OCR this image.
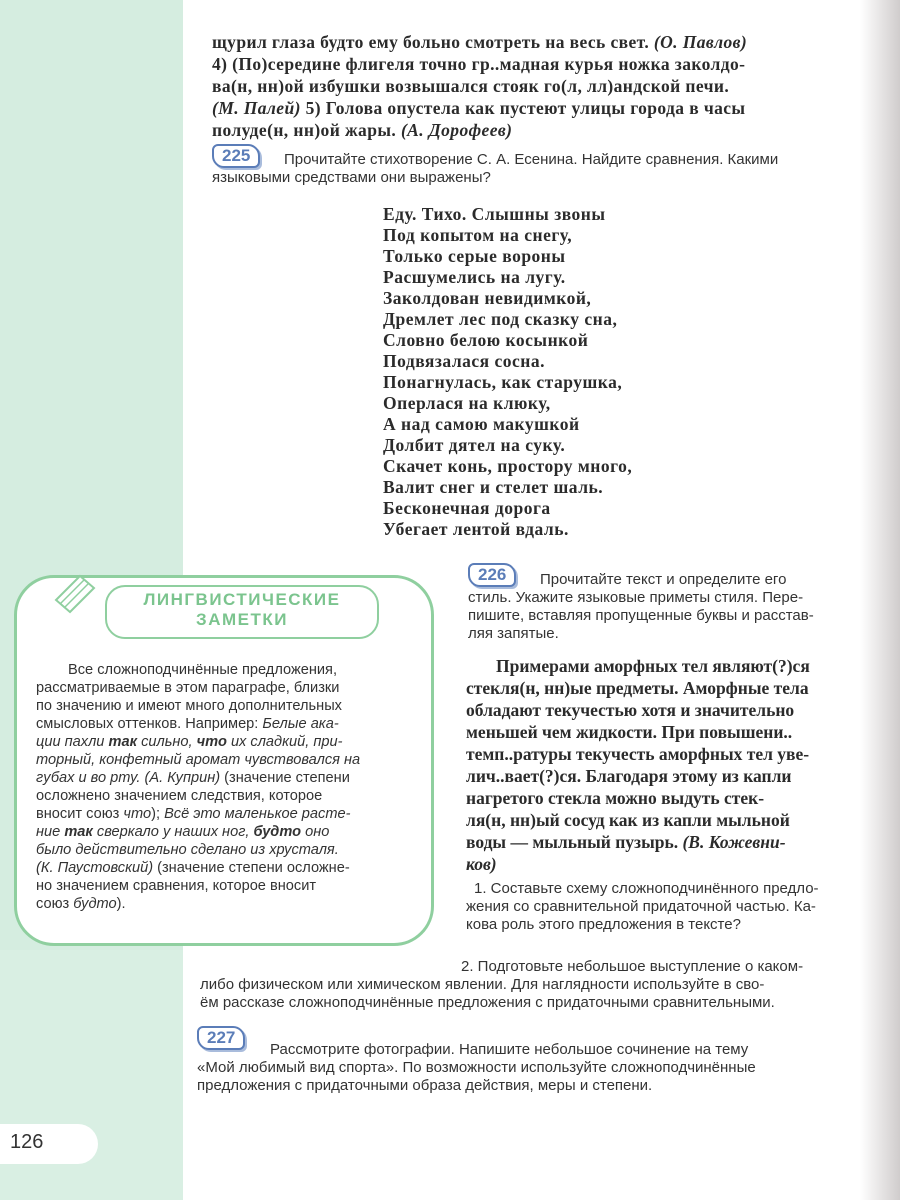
щурил глаза будто ему больно смотреть на весь свет. (О. Павлов)
4) (По)середине флигеля точно гр..мадная курья ножка заколдо-
ва(н, нн)ой избушки возвышался стояк го(л, лл)андской печи.
(М. Палей) 5) Голова опустела как пустеют улицы города в часы
полуде(н, нн)ой жары. (А. Дорофеев)
225	Прочитайте стихотворение С. А. Есенина. Найдите сравнения. Какими
языковыми средствами они выражены?
Еду. Тихо. Слышны звоны
Под копытом на снегу,
Только серые вороны
Расшумелись на лугу.
Заколдован невидимкой,
Дремлет лес под сказку сна,
Словно белою косынкой
Подвязалася сосна.
Понагнулась, как старушка,
Оперлася на клюку,
А над самою макушкой
Долбит дятел на суку.
Скачет конь, простору много,
Валит снег и стелет шаль.
Бесконечная дорога
Убегает лентой вдаль.
ЛИНГВИСТИЧЕСКИЕ
ЗАМЕТКИ
Все сложноподчинённые предложения,
рассматриваемые в этом параграфе, близки
по значению и имеют много дополнительных
смысловых оттенков. Например: Белые ака-
ции пахли так сильно, что их сладкий, при-
торный, конфетный аромат чувствовался на
губах и во рту. (А. Куприн) (значение степени
осложнено значением следствия, которое
вносит союз что); Всё это маленькое расте-
ние так сверкало у наших ног, будто оно
было действительно сделано из хрусталя.
(К. Паустовский) (значение степени осложне-
но значением сравнения, которое вносит
союз будто).
226	Прочитайте текст и определите его
стиль. Укажите языковые приметы стиля. Пере-
пишите, вставляя пропущенные буквы и расстав-
ляя запятые.
Примерами аморфных тел являют(?)ся
стекля(н, нн)ые предметы. Аморфные тела
обладают текучестью хотя и значительно
меньшей чем жидкости. При повышени..
темп..ратуры текучесть аморфных тел уве-
лич..вает(?)ся. Благодаря этому из капли
нагретого стекла можно выдуть стек-
ля(н, нн)ый сосуд как из капли мыльной
воды — мыльный пузырь. (В. Кожевни-
ков)
1. Составьте схему сложноподчинённого предло-
жения со сравнительной придаточной частью. Ка-
кова роль этого предложения в тексте?
2. Подготовьте небольшое выступление о каком-
либо физическом или химическом явлении. Для наглядности используйте в сво-
ём рассказе сложноподчинённые предложения с придаточными сравнительными.
227
Рассмотрите фотографии. Напишите небольшое сочинение на тему
«Мой любимый вид спорта». По возможности используйте сложноподчинённые
предложения с придаточными образа действия, меры и степени.
126
